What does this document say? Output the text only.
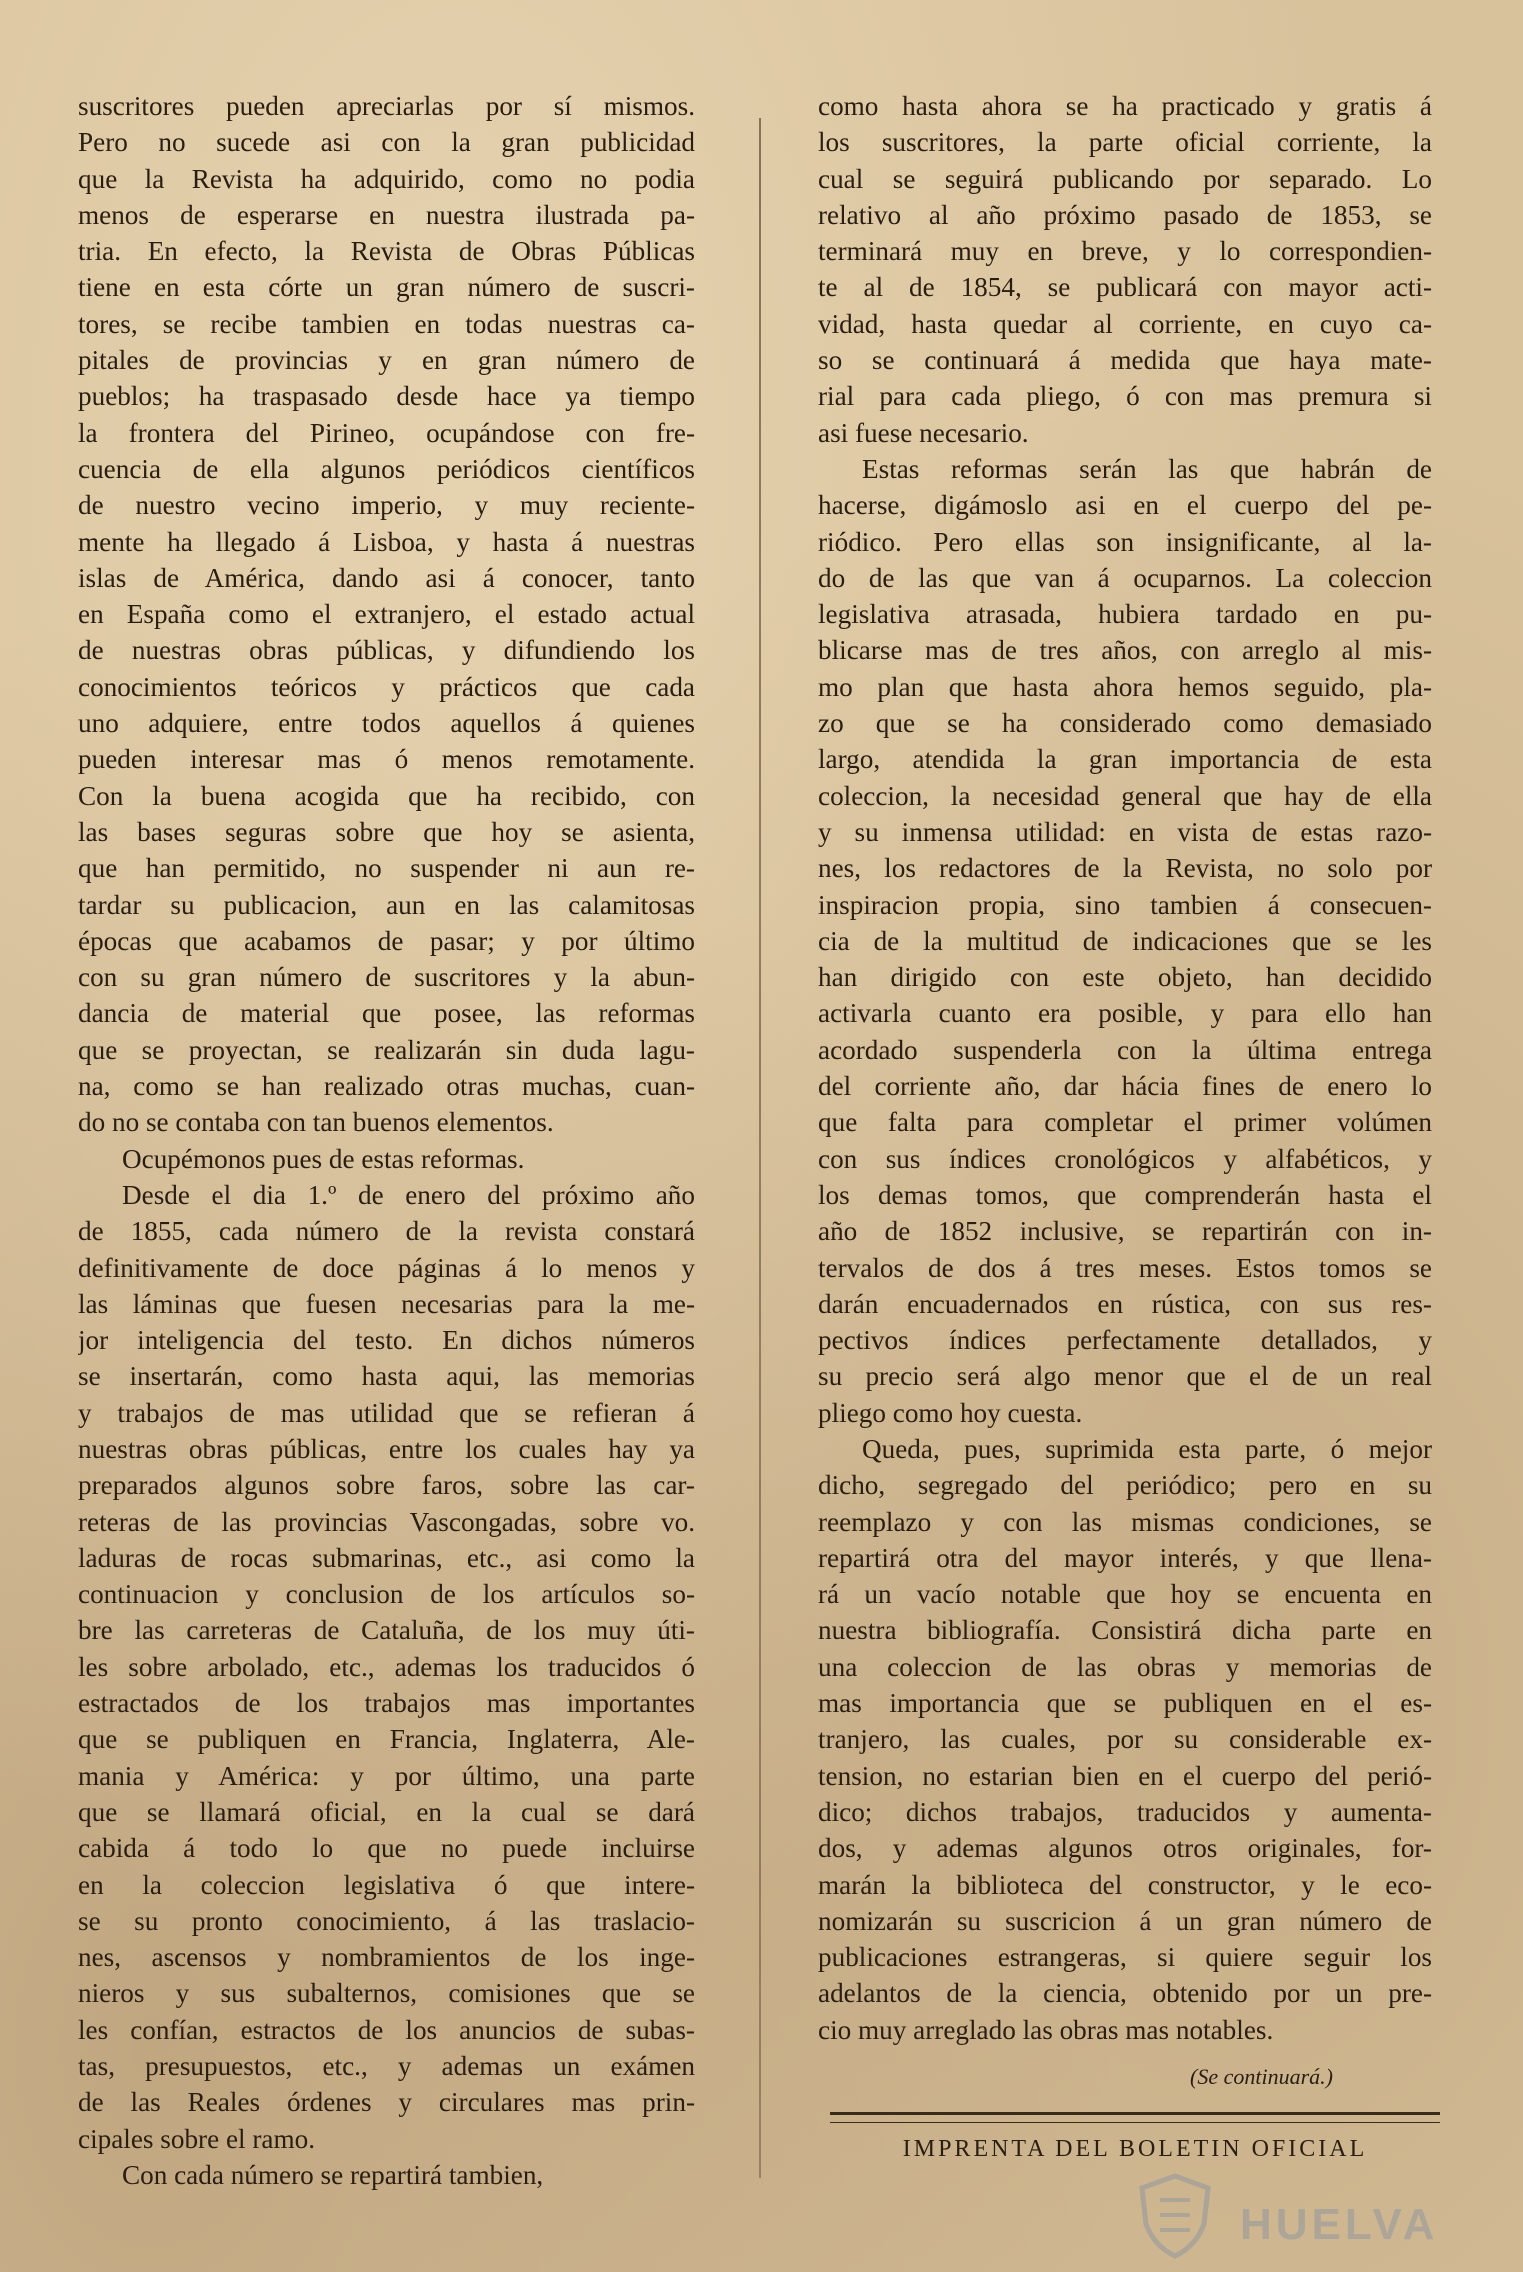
suscritores pueden apreciarlas por sí mismos.
Pero no sucede asi con la gran publicidad
que la Revista ha adquirido, como no podia
menos de esperarse en nuestra ilustrada pa-
tria. En efecto, la Revista de Obras Públicas
tiene en esta córte un gran número de suscri-
tores, se recibe tambien en todas nuestras ca-
pitales de provincias y en gran número de
pueblos; ha traspasado desde hace ya tiempo
la frontera del Pirineo, ocupándose con fre-
cuencia de ella algunos periódicos científicos
de nuestro vecino imperio, y muy reciente-
mente ha llegado á Lisboa, y hasta á nuestras
islas de América, dando asi á conocer, tanto
en España como el extranjero, el estado actual
de nuestras obras públicas, y difundiendo los
conocimientos teóricos y prácticos que cada
uno adquiere, entre todos aquellos á quienes
pueden interesar mas ó menos remotamente.
Con la buena acogida que ha recibido, con
las bases seguras sobre que hoy se asienta,
que han permitido, no suspender ni aun re-
tardar su publicacion, aun en las calamitosas
épocas que acabamos de pasar; y por último
con su gran número de suscritores y la abun-
dancia de material que posee, las reformas
que se proyectan, se realizarán sin duda lagu-
na, como se han realizado otras muchas, cuan-
do no se contaba con tan buenos elementos.
Ocupémonos pues de estas reformas.
Desde el dia 1.º de enero del próximo año
de 1855, cada número de la revista constará
definitivamente de doce páginas á lo menos y
las láminas que fuesen necesarias para la me-
jor inteligencia del testo. En dichos números
se insertarán, como hasta aqui, las memorias
y trabajos de mas utilidad que se refieran á
nuestras obras públicas, entre los cuales hay ya
preparados algunos sobre faros, sobre las car-
reteras de las provincias Vascongadas, sobre vo.
laduras de rocas submarinas, etc., asi como la
continuacion y conclusion de los artículos so-
bre las carreteras de Cataluña, de los muy úti-
les sobre arbolado, etc., ademas los traducidos ó
estractados de los trabajos mas importantes
que se publiquen en Francia, Inglaterra, Ale-
mania y América: y por último, una parte
que se llamará oficial, en la cual se dará
cabida á todo lo que no puede incluirse
en la coleccion legislativa ó que intere-
se su pronto conocimiento, á las traslacio-
nes, ascensos y nombramientos de los inge-
nieros y sus subalternos, comisiones que se
les confían, estractos de los anuncios de subas-
tas, presupuestos, etc., y ademas un exámen
de las Reales órdenes y circulares mas prin-
cipales sobre el ramo.
Con cada número se repartirá tambien,
como hasta ahora se ha practicado y gratis á
los suscritores, la parte oficial corriente, la
cual se seguirá publicando por separado. Lo
relativo al año próximo pasado de 1853, se
terminará muy en breve, y lo correspondien-
te al de 1854, se publicará con mayor acti-
vidad, hasta quedar al corriente, en cuyo ca-
so se continuará á medida que haya mate-
rial para cada pliego, ó con mas premura si
asi fuese necesario.
Estas reformas serán las que habrán de
hacerse, digámoslo asi en el cuerpo del pe-
riódico. Pero ellas son insignificante, al la-
do de las que van á ocuparnos. La coleccion
legislativa atrasada, hubiera tardado en pu-
blicarse mas de tres años, con arreglo al mis-
mo plan que hasta ahora hemos seguido, pla-
zo que se ha considerado como demasiado
largo, atendida la gran importancia de esta
coleccion, la necesidad general que hay de ella
y su inmensa utilidad: en vista de estas razo-
nes, los redactores de la Revista, no solo por
inspiracion propia, sino tambien á consecuen-
cia de la multitud de indicaciones que se les
han dirigido con este objeto, han decidido
activarla cuanto era posible, y para ello han
acordado suspenderla con la última entrega
del corriente año, dar hácia fines de enero lo
que falta para completar el primer volúmen
con sus índices cronológicos y alfabéticos, y
los demas tomos, que comprenderán hasta el
año de 1852 inclusive, se repartirán con in-
tervalos de dos á tres meses. Estos tomos se
darán encuadernados en rústica, con sus res-
pectivos índices perfectamente detallados, y
su precio será algo menor que el de un real
pliego como hoy cuesta.
Queda, pues, suprimida esta parte, ó mejor
dicho, segregado del periódico; pero en su
reemplazo y con las mismas condiciones, se
repartirá otra del mayor interés, y que llena-
rá un vacío notable que hoy se encuenta en
nuestra bibliografía. Consistirá dicha parte en
una coleccion de las obras y memorias de
mas importancia que se publiquen en el es-
tranjero, las cuales, por su considerable ex-
tension, no estarian bien en el cuerpo del perió-
dico; dichos trabajos, traducidos y aumenta-
dos, y ademas algunos otros originales, for-
marán la biblioteca del constructor, y le eco-
nomizarán su suscricion á un gran número de
publicaciones estrangeras, si quiere seguir los
adelantos de la ciencia, obtenido por un pre-
cio muy arreglado las obras mas notables.
(Se continuará.)
IMPRENTA DEL BOLETIN OFICIAL
HUELVA
